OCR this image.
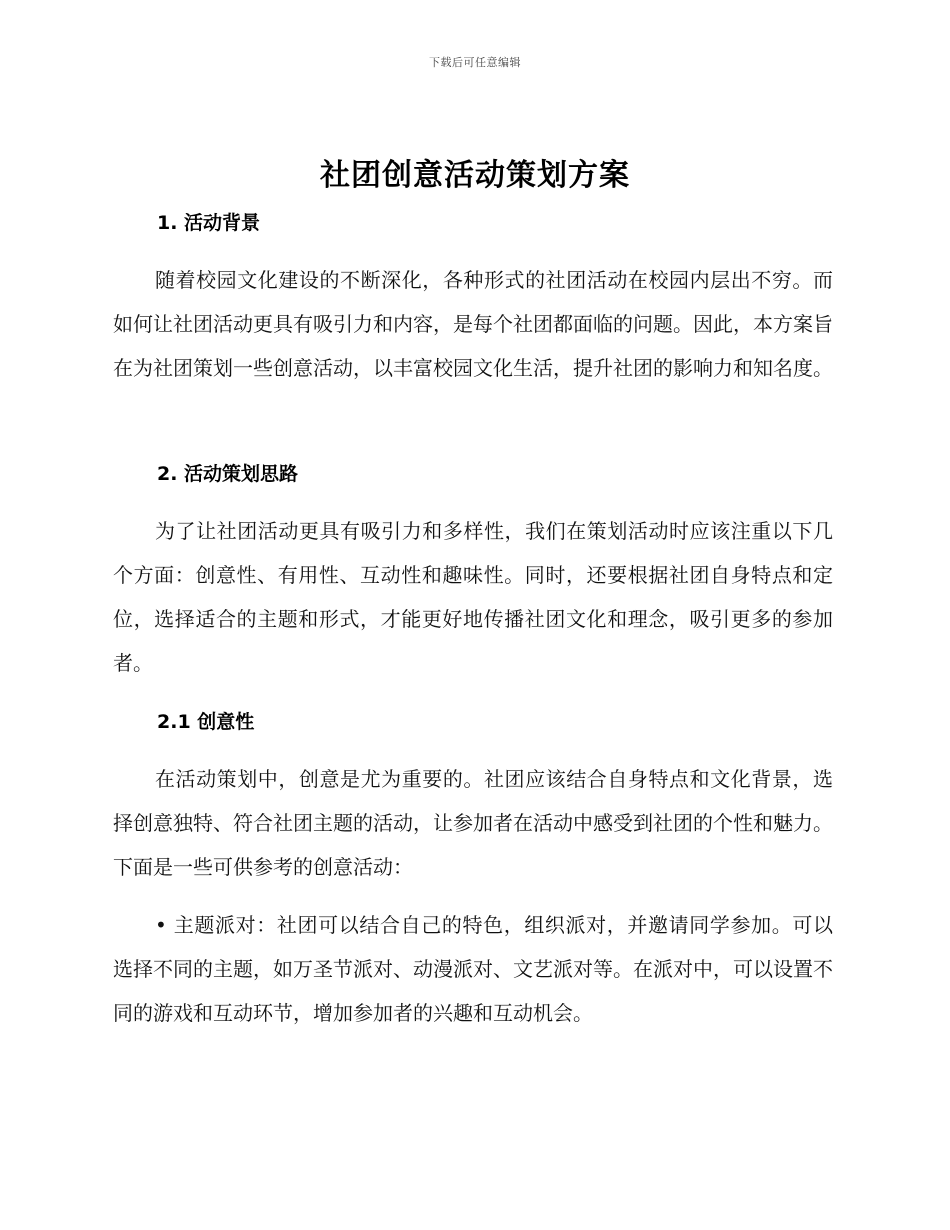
下载后可任意编辑
社团创意活动策划方案
1. 活动背景

随着校园文化建设的不断深化，各种形式的社团活动在校园内层出不穷。而如何让社团活动更具有吸引力和内容，是每个社团都面临的问题。因此，本方案旨在为社团策划一些创意活动，以丰富校园文化生活，提升社团的影响力和知名度。

2. 活动策划思路

为了让社团活动更具有吸引力和多样性，我们在策划活动时应该注重以下几个方面：创意性、有用性、互动性和趣味性。同时，还要根据社团自身特点和定位，选择适合的主题和形式，才能更好地传播社团文化和理念，吸引更多的参加者。

2.1 创意性

在活动策划中，创意是尤为重要的。社团应该结合自身特点和文化背景，选择创意独特、符合社团主题的活动，让参加者在活动中感受到社团的个性和魅力。下面是一些可供参考的创意活动：

• 主题派对：社团可以结合自己的特色，组织派对，并邀请同学参加。可以选择不同的主题，如万圣节派对、动漫派对、文艺派对等。在派对中，可以设置不同的游戏和互动环节，增加参加者的兴趣和互动机会。
